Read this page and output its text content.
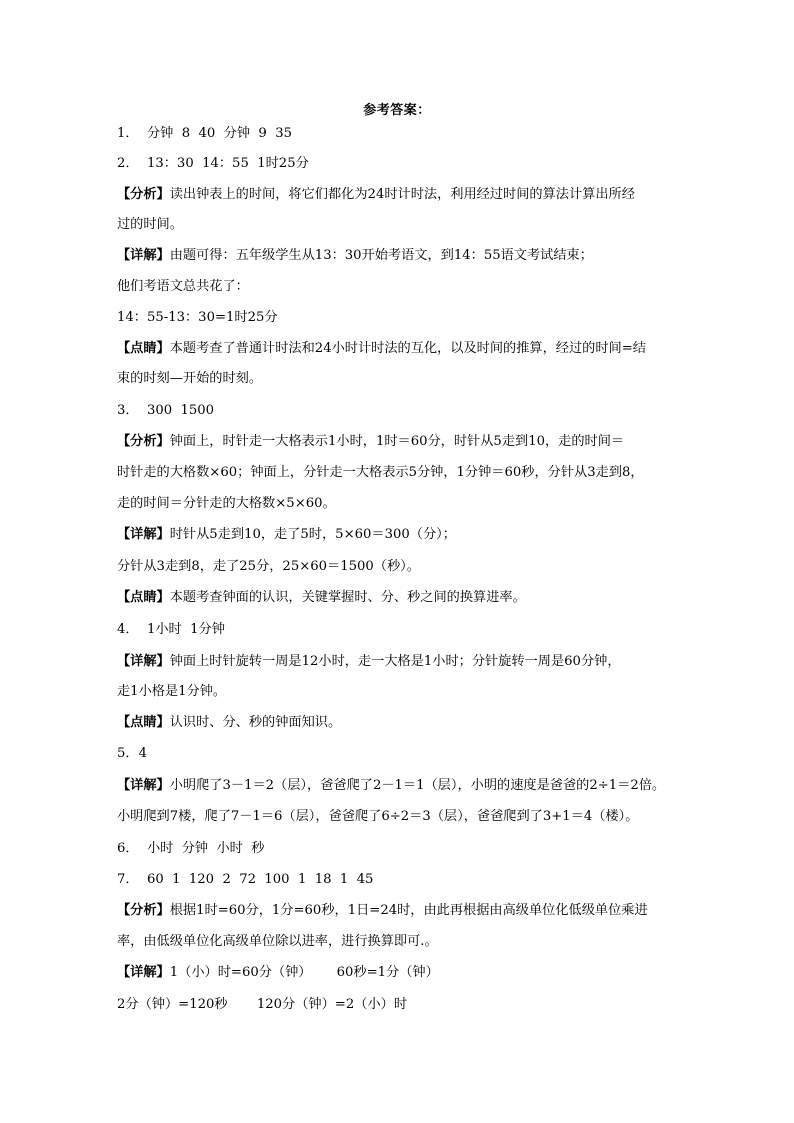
参考答案：
1．  分钟  8  40  分钟  9  35
2．  13：30  14：55  1时25分
【分析】读出钟表上的时间，将它们都化为24时计时法，利用经过时间的算法计算出所经
过的时间。
【详解】由题可得：五年级学生从13：30开始考语文，到14：55语文考试结束；
他们考语文总共花了：
14：55-13：30=1时25分
【点睛】本题考查了普通计时法和24小时计时法的互化，以及时间的推算，经过的时间=结
束的时刻—开始的时刻。
3．  300  1500
【分析】钟面上，时针走一大格表示1小时，1时＝60分，时针从5走到10，走的时间＝
时针走的大格数×60；钟面上，分针走一大格表示5分钟，1分钟＝60秒，分针从3走到8，
走的时间＝分针走的大格数×5×60。
【详解】时针从5走到10，走了5时，5×60＝300（分）；
分针从3走到8，走了25分，25×60＝1500（秒）。
【点睛】本题考查钟面的认识，关键掌握时、分、秒之间的换算进率。
4．  1小时  1分钟
【详解】钟面上时针旋转一周是12小时，走一大格是1小时；分针旋转一周是60分钟，
走1小格是1分钟。
【点睛】认识时、分、秒的钟面知识。
5．4
【详解】小明爬了3－1＝2（层），爸爸爬了2－1＝1（层），小明的速度是爸爸的2÷1＝2倍。
小明爬到7楼，爬了7－1＝6（层），爸爸爬了6÷2＝3（层），爸爸爬到了3+1＝4（楼）。
6．  小时  分钟  小时  秒
7．  60  1  120  2  72  100  1  18  1  45
【分析】根据1时=60分，1分=60秒，1日=24时，由此再根据由高级单位化低级单位乘进
率，由低级单位化高级单位除以进率，进行换算即可.。
【详解】1（小）时=60分（钟）      60秒=1分（钟）
2分（钟）=120秒       120分（钟）=2（小）时
